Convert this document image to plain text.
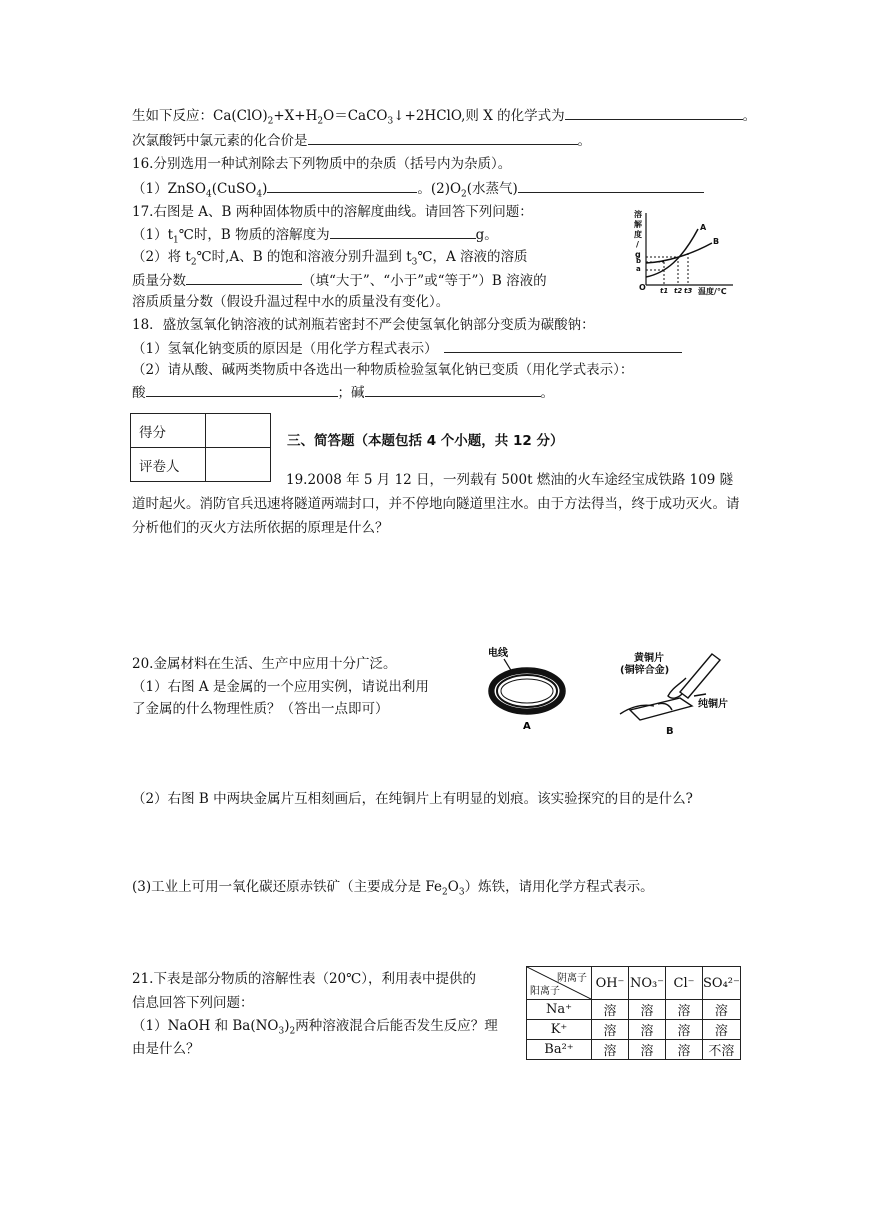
生如下反应：$Ca(ClO)_2+X+H_2O=CaCO_3↓+2HClO$,则 X 的化学式为	。
次氯酸钙中氯元素的化合价是	。
16.分别选用一种试剂除去下列物质中的杂质（括号内为杂质）。
（1）ZnSO$_4$(CuSO$_4$)	。$(2)O_2$(水蒸气)
17.右图是 A、B 两种固体物质中的溶解度曲线。请回答下列问题：
$(1)t_1℃$时，B 物质的溶解度为	g。
（2）将 $t_2℃$时,A、B 的饱和溶液分别升温到 $t_3℃$，A 溶液的溶质
质量分数	（填“大于”、“小于”或“等于”）B 溶液的
溶质质量分数（假设升温过程中水的质量没有变化）。
溶
解
度
/
g
b
a
O t1 t2 t3 温度/℃
A
B
18．盛放氢氧化钠溶液的试剂瓶若密封不严会使氢氧化钠部分变质为碳酸钠：
（1）氢氧化钠变质的原因是（用化学方程式表示）
（2）请从酸、碱两类物质中各选出一种物质检验氢氧化钠已变质（用化学式表示）：
酸	；碱	。
得分	
评卷人	
三、简答题（本题包括 4 个小题，共 12 分）
19.2008 年 5 月 12 日，一列载有 500t 燃油的火车途经宝成铁路 109 隧道时起火。消防官兵迅速将隧道两端封口，并不停地向隧道里注水。由于方法得当，终于成功灭火。请分析他们的灭火方法所依据的原理是什么？
20.金属材料在生活、生产中应用十分广泛。
（1）右图 A 是金属的一个应用实例，请说出利用
了金属的什么物理性质？（答出一点即可）
电线
A
黄铜片
(铜锌合金)
纯铜片
B
（2）右图 B 中两块金属片互相刻画后，在纯铜片上有明显的划痕。该实验探究的目的是什么?
(3)工业上可用一氧化碳还原赤铁矿（主要成分是 $Fe_2O_3$）炼铁，请用化学方程式表示。
21.下表是部分物质的溶解性表（20℃），利用表中提供的
信息回答下列问题：
（1）NaOH 和 $Ba(NO_3)_2$两种溶液混合后能否发生反应？理
由是什么？
阴离子
阳离子	OH⁻	NO₃⁻	Cl⁻	SO₄²⁻
Na⁺	溶	溶	溶	溶
K⁺	溶	溶	溶	溶
Ba²⁺	溶	溶	溶	不溶
